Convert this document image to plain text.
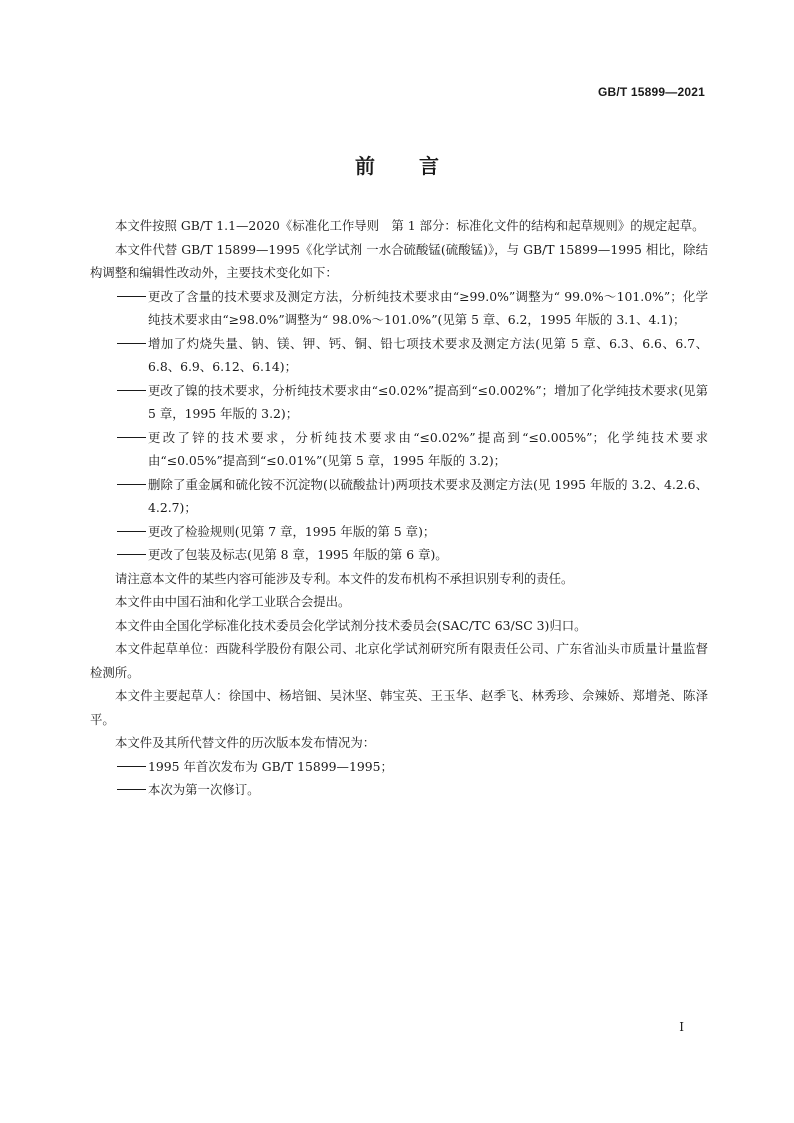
GB/T 15899—2021
前言

本文件按照 GB/T 1.1—2020《标准化工作导则　第 1 部分：标准化文件的结构和起草规则》的规定起草。

本文件代替 GB/T 15899—1995《化学试剂 一水合硫酸锰(硫酸锰)》，与 GB/T 15899—1995 相比，除结构调整和编辑性改动外，主要技术变化如下：

更改了含量的技术要求及测定方法，分析纯技术要求由“≥99.0%”调整为“ 99.0%～101.0%”；化学纯技术要求由“≥98.0%”调整为“ 98.0%～101.0%”(见第 5 章、6.2，1995 年版的 3.1、4.1)；

增加了灼烧失量、钠、镁、钾、钙、铜、铅七项技术要求及测定方法(见第 5 章、6.3、6.6、6.7、6.8、6.9、6.12、6.14)；

更改了镍的技术要求，分析纯技术要求由“≤0.02%”提高到“≤0.002%”；增加了化学纯技术要求(见第 5 章，1995 年版的 3.2)；

更改了锌的技术要求，分析纯技术要求由“≤0.02%”提高到“≤0.005%”；化学纯技术要求由“≤0.05%”提高到“≤0.01%”(见第 5 章，1995 年版的 3.2)；

删除了重金属和硫化铵不沉淀物(以硫酸盐计)两项技术要求及测定方法(见 1995 年版的 3.2、4.2.6、4.2.7)；

更改了检验规则(见第 7 章，1995 年版的第 5 章)；

更改了包装及标志(见第 8 章，1995 年版的第 6 章)。

请注意本文件的某些内容可能涉及专利。本文件的发布机构不承担识别专利的责任。

本文件由中国石油和化学工业联合会提出。

本文件由全国化学标准化技术委员会化学试剂分技术委员会(SAC/TC 63/SC 3)归口。

本文件起草单位：西陇科学股份有限公司、北京化学试剂研究所有限责任公司、广东省汕头市质量计量监督检测所。

本文件主要起草人：徐国中、杨培钿、吴沐坚、韩宝英、王玉华、赵季飞、林秀珍、佘辣娇、郑增尧、陈泽平。

本文件及其所代替文件的历次版本发布情况为：

1995 年首次发布为 GB/T 15899—1995；

本次为第一次修订。

I
